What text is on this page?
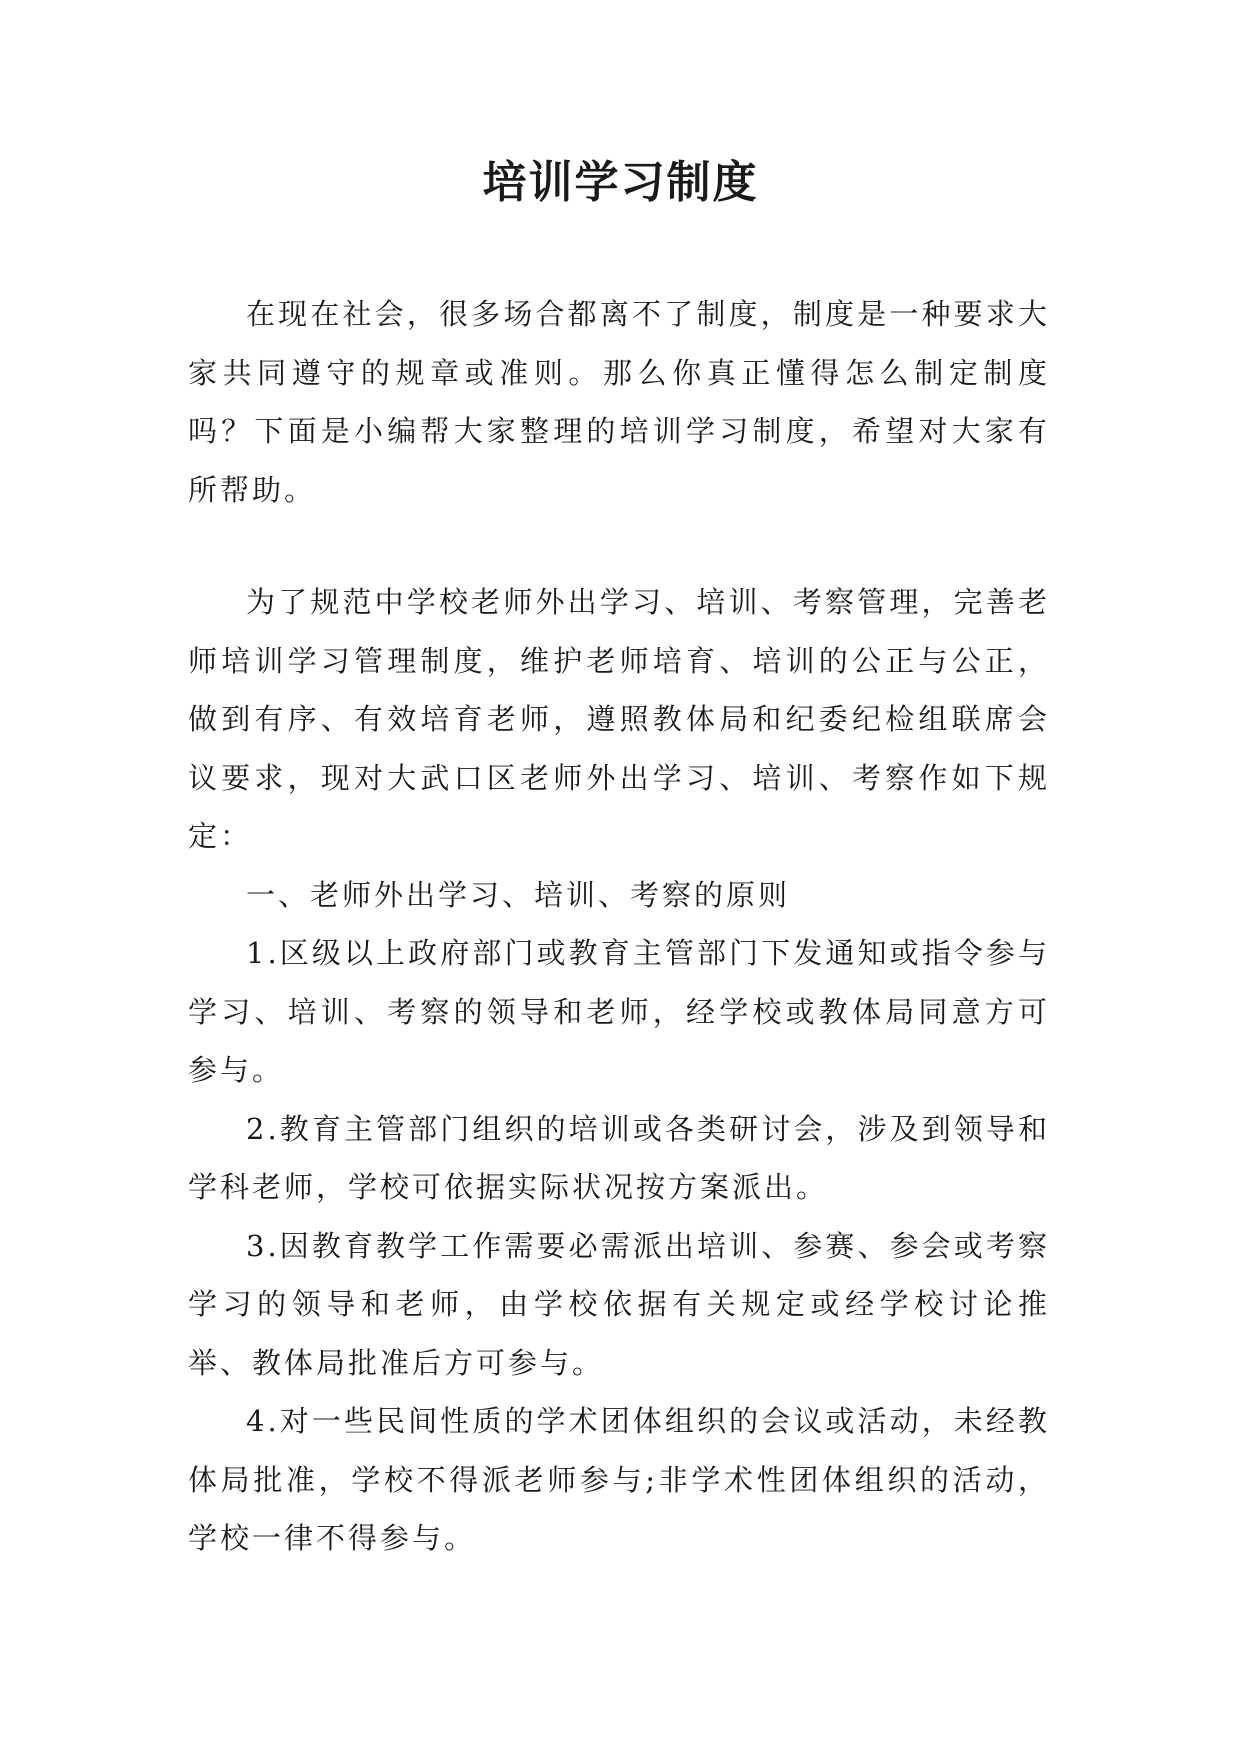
培训学习制度

在现在社会，很多场合都离不了制度，制度是一种要求大家共同遵守的规章或准则。那么你真正懂得怎么制定制度吗？下面是小编帮大家整理的培训学习制度，希望对大家有所帮助。

为了规范中学校老师外出学习、培训、考察管理，完善老师培训学习管理制度，维护老师培育、培训的公正与公正，做到有序、有效培育老师，遵照教体局和纪委纪检组联席会议要求，现对大武口区老师外出学习、培训、考察作如下规定：

一、老师外出学习、培训、考察的原则

1.区级以上政府部门或教育主管部门下发通知或指令参与学习、培训、考察的领导和老师，经学校或教体局同意方可参与。

2.教育主管部门组织的培训或各类研讨会，涉及到领导和学科老师，学校可依据实际状况按方案派出。

3.因教育教学工作需要必需派出培训、参赛、参会或考察学习的领导和老师，由学校依据有关规定或经学校讨论推举、教体局批准后方可参与。

4.对一些民间性质的学术团体组织的会议或活动，未经教体局批准，学校不得派老师参与;非学术性团体组织的活动，学校一律不得参与。
